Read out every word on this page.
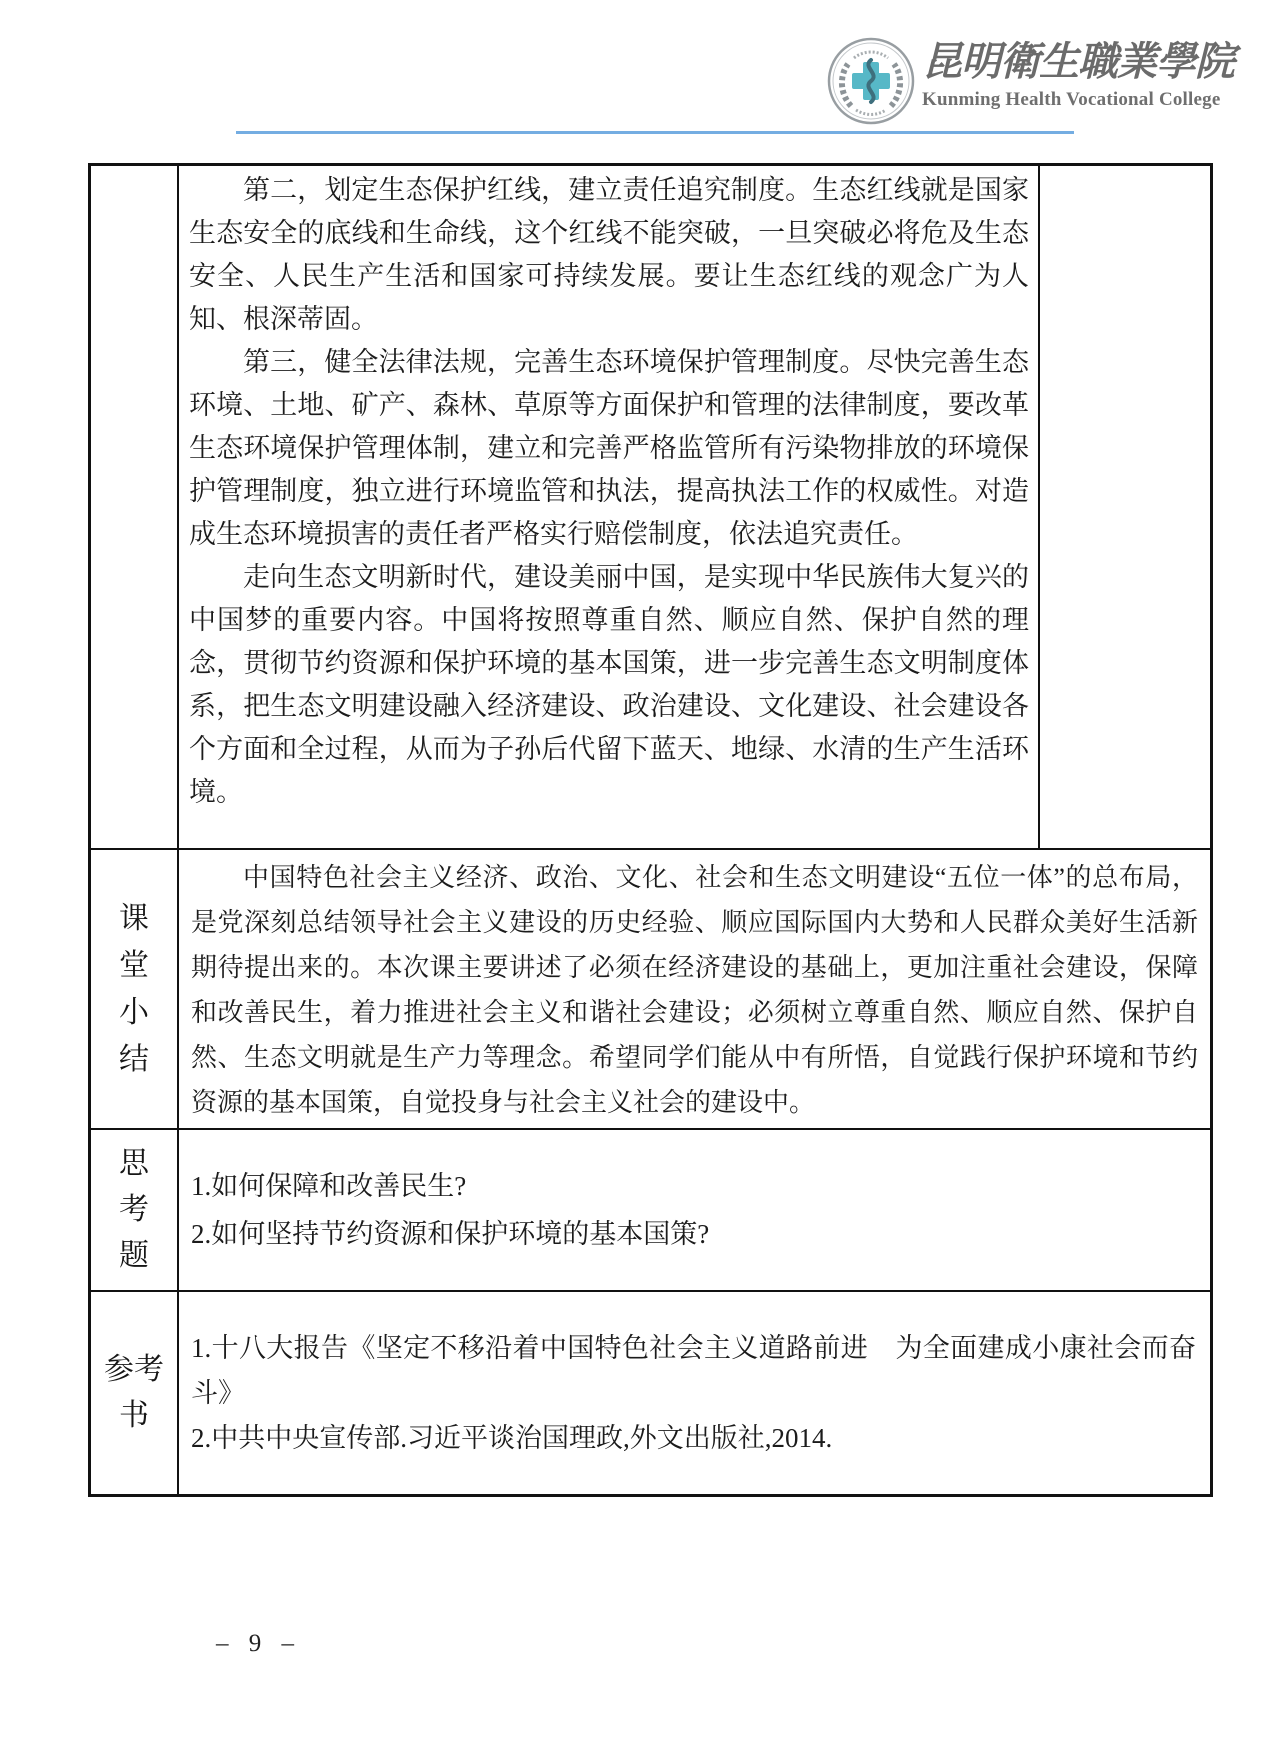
昆明衛生職業學院
Kunming Health Vocational College

第二，划定生态保护红线，建立责任追究制度。生态红线就是国家生态安全的底线和生命线，这个红线不能突破，一旦突破必将危及生态安全、人民生产生活和国家可持续发展。要让生态红线的观念广为人知、根深蒂固。

第三，健全法律法规，完善生态环境保护管理制度。尽快完善生态环境、土地、矿产、森林、草原等方面保护和管理的法律制度，要改革生态环境保护管理体制，建立和完善严格监管所有污染物排放的环境保护管理制度，独立进行环境监管和执法，提高执法工作的权威性。对造成生态环境损害的责任者严格实行赔偿制度，依法追究责任。

走向生态文明新时代，建设美丽中国，是实现中华民族伟大复兴的中国梦的重要内容。中国将按照尊重自然、顺应自然、保护自然的理念，贯彻节约资源和保护环境的基本国策，进一步完善生态文明制度体系，把生态文明建设融入经济建设、政治建设、文化建设、社会建设各个方面和全过程，从而为子孙后代留下蓝天、地绿、水清的生产生活环境。

课
堂
小
结

中国特色社会主义经济、政治、文化、社会和生态文明建设“五位一体”的总布局，是党深刻总结领导社会主义建设的历史经验、顺应国际国内大势和人民群众美好生活新期待提出来的。本次课主要讲述了必须在经济建设的基础上，更加注重社会建设，保障和改善民生，着力推进社会主义和谐社会建设；必须树立尊重自然、顺应自然、保护自然、生态文明就是生产力等理念。希望同学们能从中有所悟，自觉践行保护环境和节约资源的基本国策，自觉投身与社会主义社会的建设中。

思
考
题
1.如何保障和改善民生?
2.如何坚持节约资源和保护环境的基本国策?
参考
书
1.十八大报告《坚定不移沿着中国特色社会主义道路前进　为全面建成小康社会而奋斗》
2.中共中央宣传部.习近平谈治国理政,外文出版社,2014.
– 9 –
